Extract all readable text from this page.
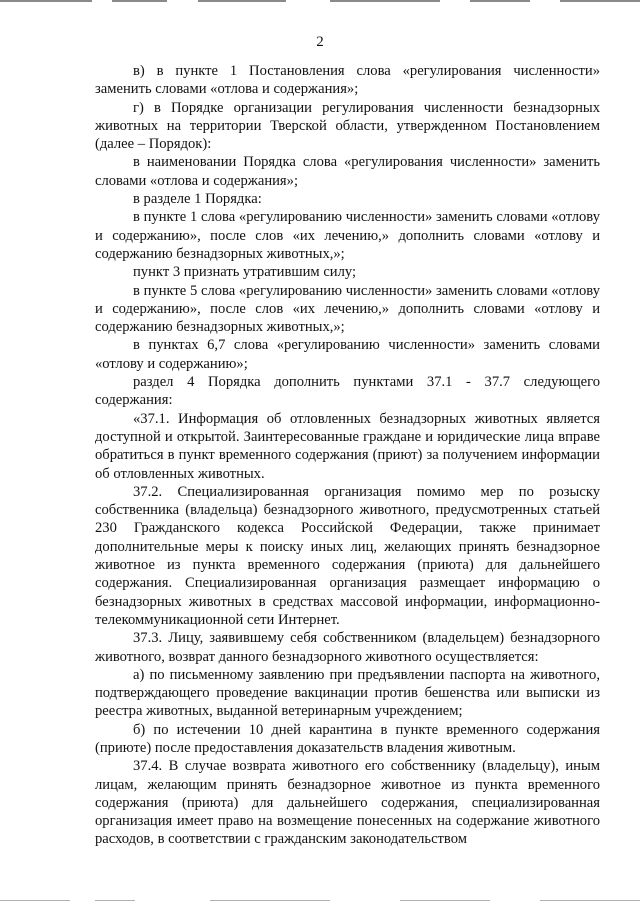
2

в) в пункте 1 Постановления слова «регулирования численности» заменить словами «отлова и содержания»;

г) в Порядке организации регулирования численности безнадзорных животных на территории Тверской области, утвержденном Постановлением (далее – Порядок):

в наименовании Порядка слова «регулирования численности» заменить словами «отлова и содержания»;

в разделе 1 Порядка:

в пункте 1 слова «регулированию численности» заменить словами «отлову и содержанию», после слов «их лечению,» дополнить словами «отлову и содержанию безнадзорных животных,»;

пункт 3 признать утратившим силу;

в пункте 5 слова «регулированию численности» заменить словами «отлову и содержанию», после слов «их лечению,» дополнить словами «отлову и содержанию безнадзорных животных,»;

в пунктах 6,7 слова «регулированию численности» заменить словами «отлову и содержанию»;

раздел 4 Порядка дополнить пунктами 37.1 - 37.7 следующего содержания:

«37.1. Информация об отловленных безнадзорных животных является доступной и открытой. Заинтересованные граждане и юридические лица вправе обратиться в пункт временного содержания (приют) за получением информации об отловленных животных.

37.2. Специализированная организация помимо мер по розыску собственника (владельца) безнадзорного животного, предусмотренных статьей 230 Гражданского кодекса Российской Федерации, также принимает дополнительные меры к поиску иных лиц, желающих принять безнадзорное животное из пункта временного содержания (приюта) для дальнейшего содержания. Специализированная организация размещает информацию о безнадзорных животных в средствах массовой информации, информационно-телекоммуникационной сети Интернет.

37.3. Лицу, заявившему себя собственником (владельцем) безнадзорного животного, возврат данного безнадзорного животного осуществляется:

а) по письменному заявлению при предъявлении паспорта на животного, подтверждающего проведение вакцинации против бешенства или выписки из реестра животных, выданной ветеринарным учреждением;

б) по истечении 10 дней карантина в пункте временного содержания (приюте) после предоставления доказательств владения животным.

37.4. В случае возврата животного его собственнику (владельцу), иным лицам, желающим принять безнадзорное животное из пункта временного содержания (приюта) для дальнейшего содержания, специализированная организация имеет право на возмещение понесенных на содержание животного расходов, в соответствии с гражданским законодательством
